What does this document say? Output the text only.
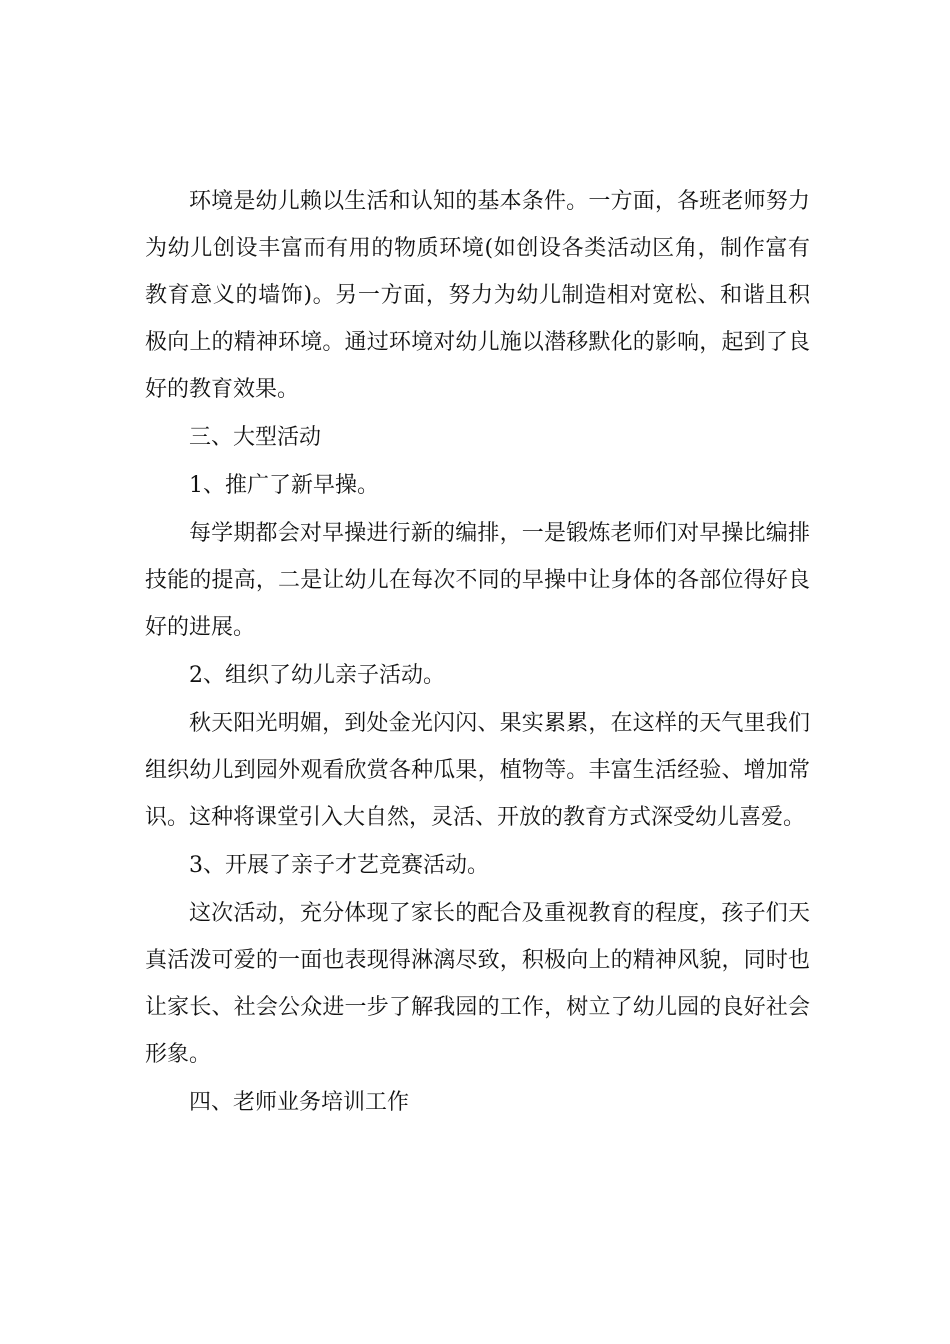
环境是幼儿赖以生活和认知的基本条件。一方面，各班老师努力为幼儿创设丰富而有用的物质环境(如创设各类活动区角，制作富有教育意义的墙饰)。另一方面，努力为幼儿制造相对宽松、和谐且积极向上的精神环境。通过环境对幼儿施以潜移默化的影响，起到了良好的教育效果。

三、大型活动

1、推广了新早操。

每学期都会对早操进行新的编排，一是锻炼老师们对早操比编排技能的提高，二是让幼儿在每次不同的早操中让身体的各部位得好良好的进展。

2、组织了幼儿亲子活动。

秋天阳光明媚，到处金光闪闪、果实累累，在这样的天气里我们组织幼儿到园外观看欣赏各种瓜果，植物等。丰富生活经验、增加常识。这种将课堂引入大自然，灵活、开放的教育方式深受幼儿喜爱。

3、开展了亲子才艺竞赛活动。

这次活动，充分体现了家长的配合及重视教育的程度，孩子们天真活泼可爱的一面也表现得淋漓尽致，积极向上的精神风貌，同时也让家长、社会公众进一步了解我园的工作，树立了幼儿园的良好社会形象。

四、老师业务培训工作
